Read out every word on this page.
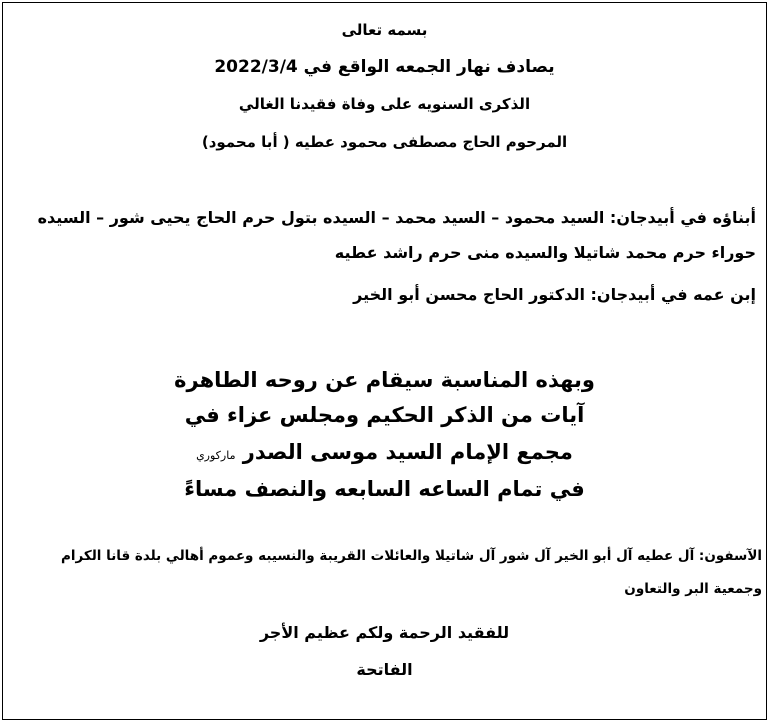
بسمه تعالى
يصادف نهار الجمعه الواقع في 2022/3/4
الذكرى السنويه على وفاة فقيدنا الغالي
المرحوم الحاج مصطفى محمود عطيه ( أبا محمود)
أبناؤه في أبيدجان: السيد محمود – السيد محمد – السيده بتول حرم الحاج يحيى شور – السيده
حوراء حرم محمد شاتيلا والسيده منى حرم راشد عطيه
إبن عمه في أبيدجان: الدكتور الحاج محسن أبو الخير
وبهذه المناسبة سيقام عن روحه الطاهرة
آيات من الذكر الحكيم ومجلس عزاء في
مجمع الإمام السيد موسى الصدر ماركوري
في تمام الساعه السابعه والنصف مساءً
الآسفون: آل عطيه آل أبو الخير آل شور آل شاتيلا والعائلات القريبة والنسيبه وعموم أهالي بلدة قانا الكرام
وجمعية البر والتعاون
للفقيد الرحمة ولكم عظيم الأجر
الفاتحة
